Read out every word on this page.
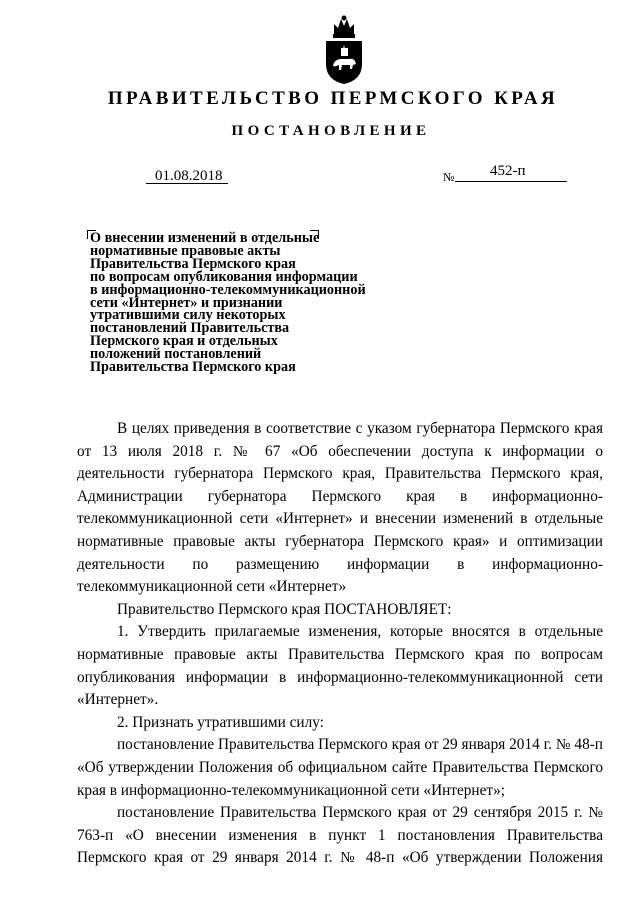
ПРАВИТЕЛЬСТВО ПЕРМСКОГО КРАЯ
ПОСТАНОВЛЕНИЕ
01.08.2018	№ 452-п
О внесении изменений в отдельные
нормативные правовые акты
Правительства Пермского края
по вопросам опубликования информации
в информационно-телекоммуникационной
сети «Интернет» и признании
утратившими силу некоторых
постановлений Правительства
Пермского края и отдельных
положений постановлений
Правительства Пермского края

В целях приведения в соответствие с указом губернатора Пермского края от 13 июля 2018 г. № 67 «Об обеспечении доступа к информации о деятельности губернатора Пермского края, Правительства Пермского края, Администрации губернатора Пермского края в информационно-телекоммуникационной сети «Интернет» и внесении изменений в отдельные нормативные правовые акты губернатора Пермского края» и оптимизации деятельности по размещению информации в информационно-телекоммуникационной сети «Интернет»

Правительство Пермского края ПОСТАНОВЛЯЕТ:

1. Утвердить прилагаемые изменения, которые вносятся в отдельные нормативные правовые акты Правительства Пермского края по вопросам опубликования информации в информационно-телекоммуникационной сети «Интернет».

2. Признать утратившими силу:

постановление Правительства Пермского края от 29 января 2014 г. № 48-п «Об утверждении Положения об официальном сайте Правительства Пермского края в информационно-телекоммуникационной сети «Интернет»;

постановление Правительства Пермского края от 29 сентября 2015 г. № 763-п «О внесении изменения в пункт 1 постановления Правительства Пермского края от 29 января 2014 г. № 48-п «Об утверждении Положения
